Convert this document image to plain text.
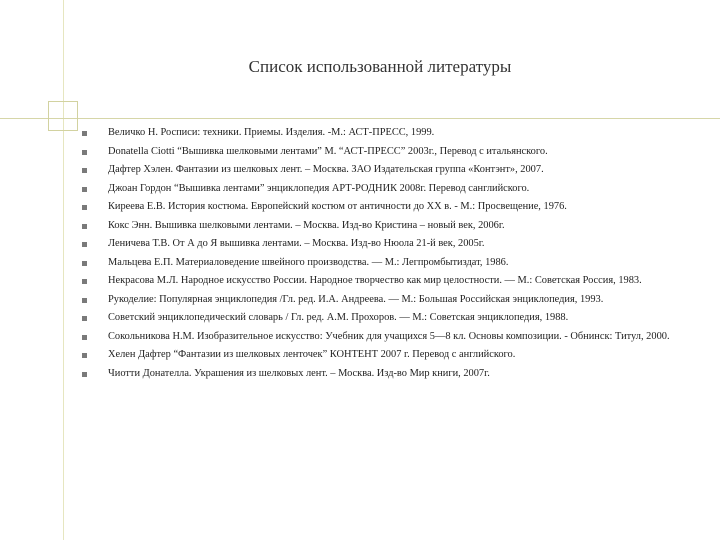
Список использованной литературы
Величко Н. Росписи: техники. Приемы. Изделия. -М.: АСТ-ПРЕСС, 1999.
Donatella Ciotti “Вышивка шелковыми лентами” М. “АСТ-ПРЕСС” 2003г., Перевод с итальянского.
Дафтер Хэлен. Фантазии из шелковых лент. – Москва. ЗАО Издательская группа «Контэнт», 2007.
Джоан Гордон “Вышивка лентами” энциклопедия АРТ-РОДНИК 2008г. Перевод санглийского.
Киреева Е.В. История костюма. Европейский костюм от античности до XX в. - М.: Просвещение, 1976.
Кокс Энн. Вышивка шелковыми лентами. – Москва. Изд-во Кристина – новый век, 2006г.
Леничева Т.В. От А до Я вышивка лентами. – Москва. Изд-во Нюола 21-й век, 2005г.
Мальцева Е.П. Материаловедение швейного производства. — М.: Легпромбытиздат, 1986.
Некрасова М.Л. Народное искусство России. Народное творчество как мир целостности. — М.: Советская Россия, 1983.
Рукоделие: Популярная энциклопедия /Гл. ред. И.А. Андреева. — М.: Большая Российская энциклопедия, 1993.
Советский энциклопедический словарь / Гл. ред. А.М. Прохоров. — М.: Советская энциклопедия, 1988.
Сокольникова Н.М. Изобразительное искусство: Учебник для учащихся 5—8 кл. Основы композиции. - Обнинск: Титул, 2000.
Хелен Дафтер “Фантазии из шелковых ленточек” КОНТЕНТ 2007 г. Перевод с английского.
Чиотти Донателла. Украшения из шелковых лент. – Москва. Изд-во Мир книги, 2007г.
